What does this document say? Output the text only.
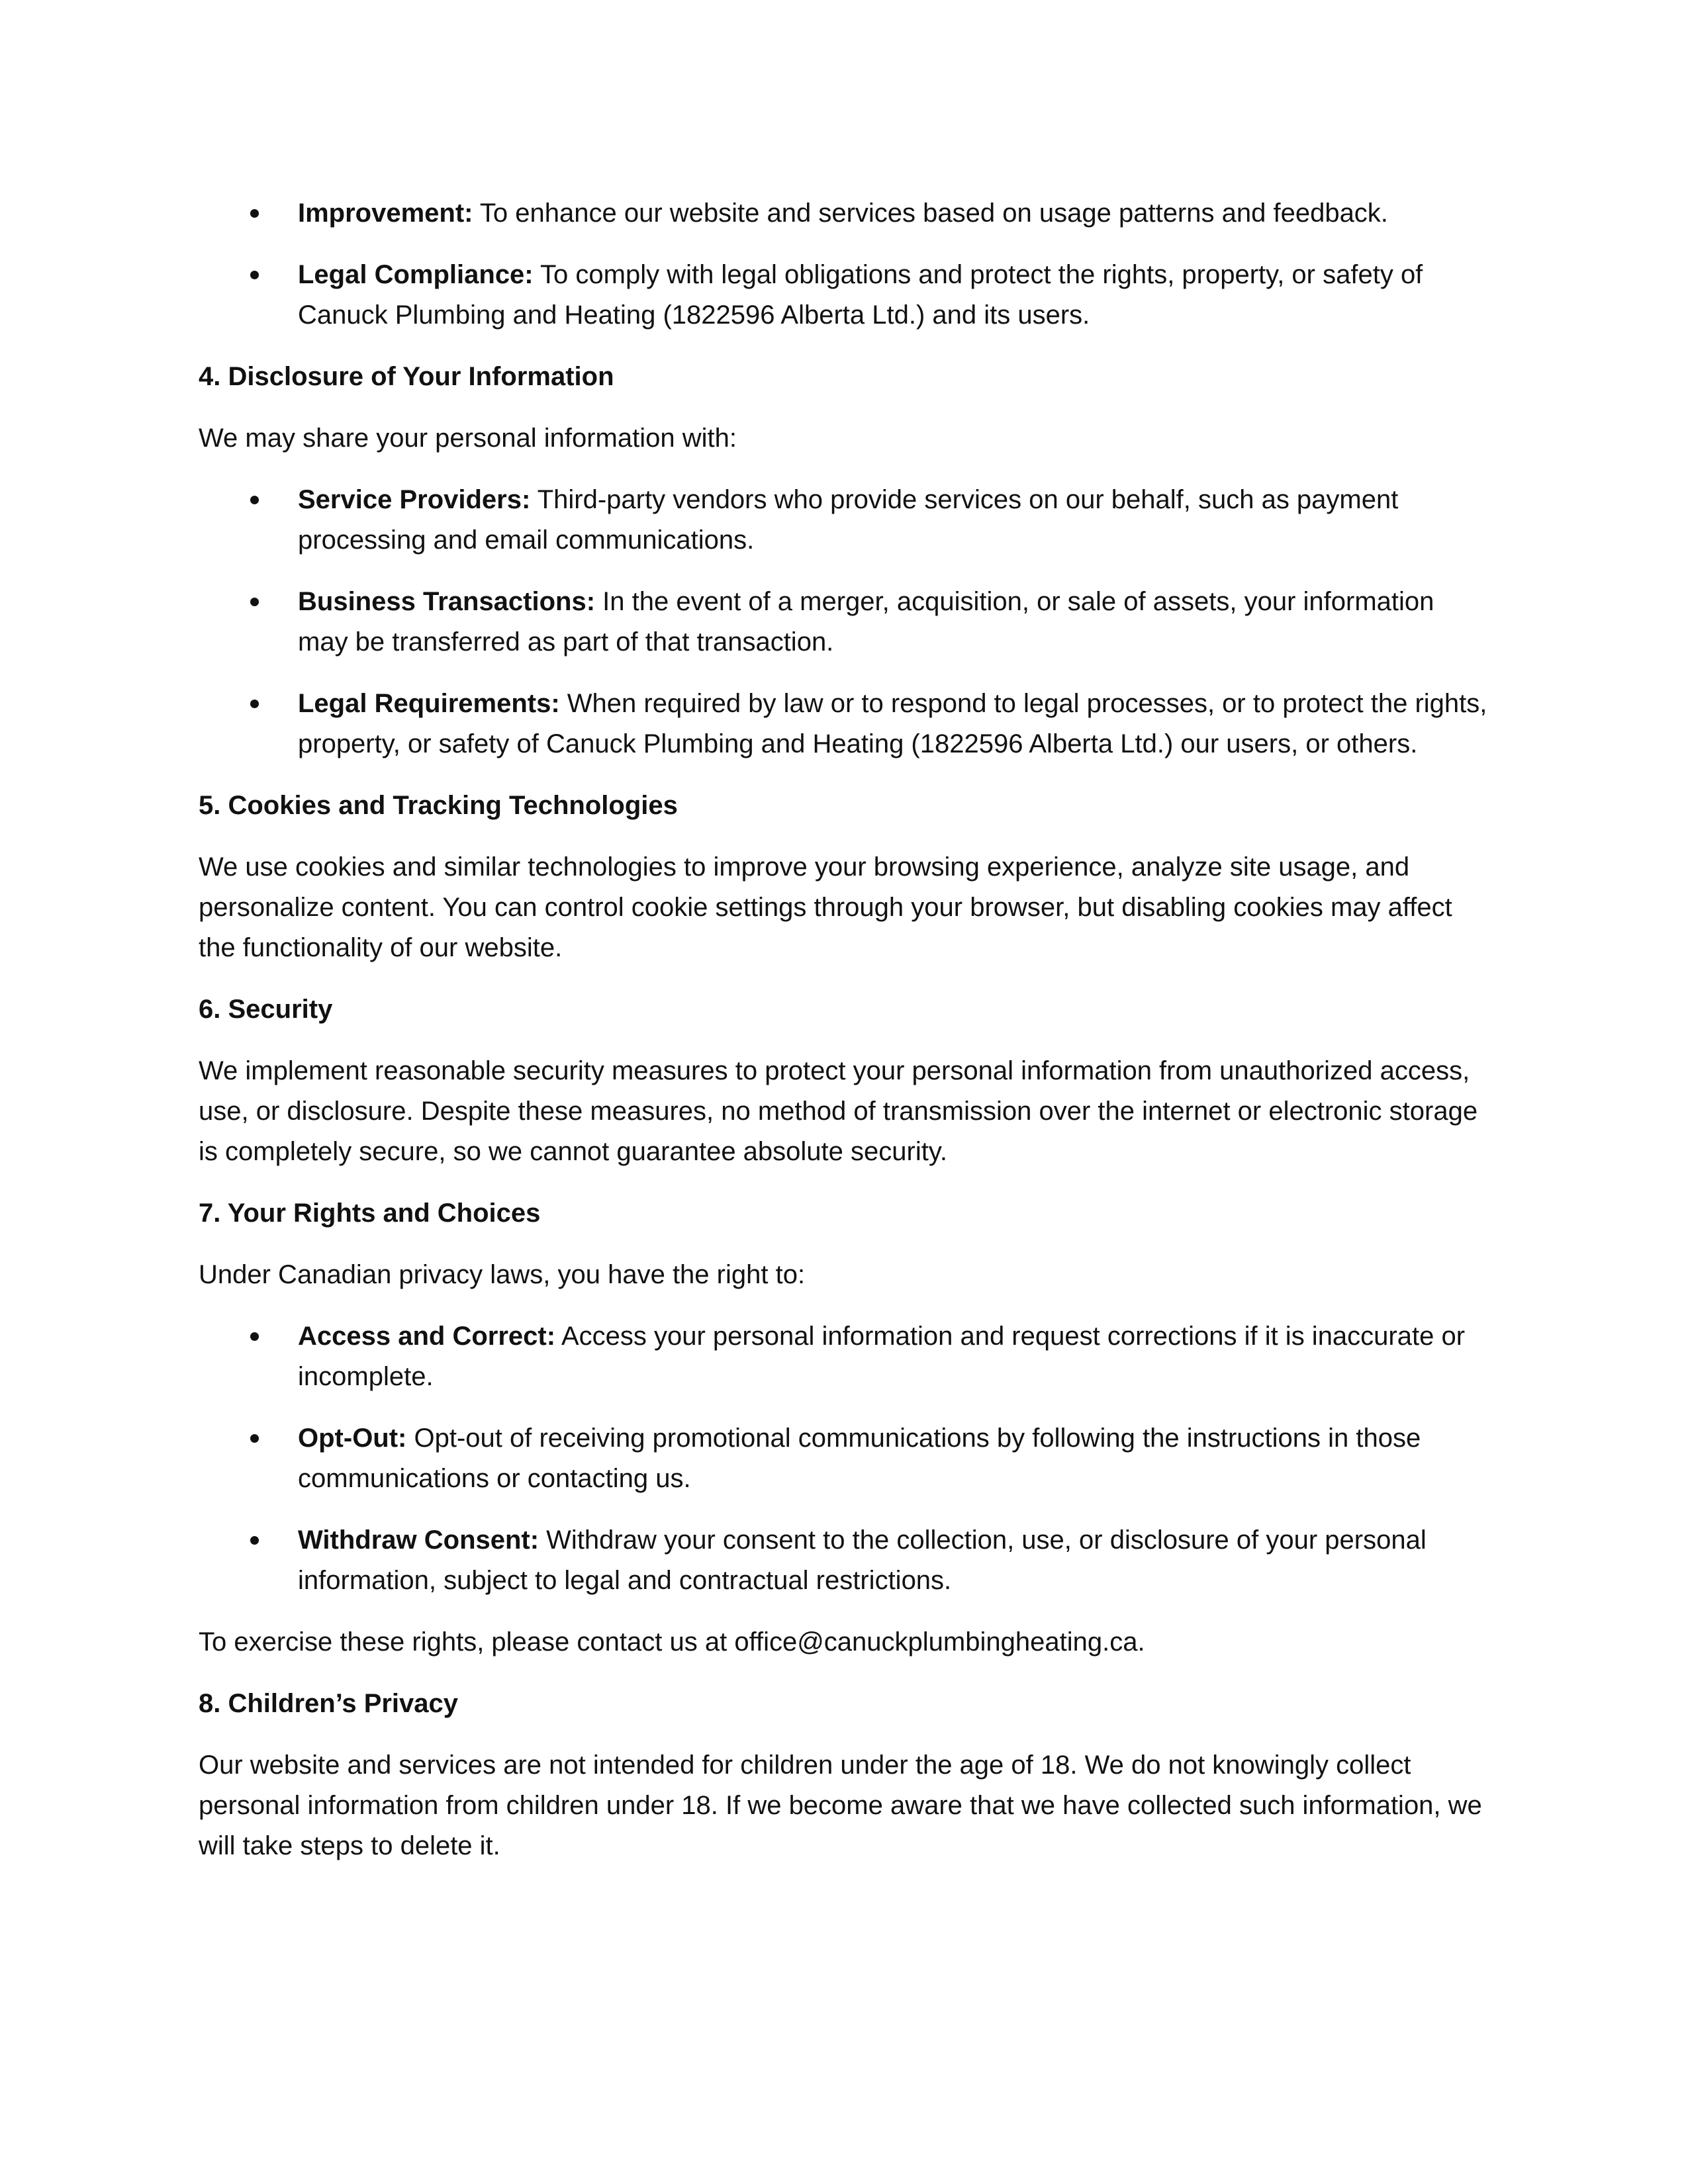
Improvement: To enhance our website and services based on usage patterns and feedback.
Legal Compliance: To comply with legal obligations and protect the rights, property, or safety of Canuck Plumbing and Heating (1822596 Alberta Ltd.) and its users.
4. Disclosure of Your Information

We may share your personal information with:

Service Providers: Third-party vendors who provide services on our behalf, such as payment processing and email communications.
Business Transactions: In the event of a merger, acquisition, or sale of assets, your information may be transferred as part of that transaction.
Legal Requirements: When required by law or to respond to legal processes, or to protect the rights, property, or safety of Canuck Plumbing and Heating (1822596 Alberta Ltd.) our users, or others.
5. Cookies and Tracking Technologies

We use cookies and similar technologies to improve your browsing experience, analyze site usage, and personalize content. You can control cookie settings through your browser, but disabling cookies may affect the functionality of our website.

6. Security

We implement reasonable security measures to protect your personal information from unauthorized access, use, or disclosure. Despite these measures, no method of transmission over the internet or electronic storage is completely secure, so we cannot guarantee absolute security.

7. Your Rights and Choices

Under Canadian privacy laws, you have the right to:

Access and Correct: Access your personal information and request corrections if it is inaccurate or incomplete.
Opt-Out: Opt-out of receiving promotional communications by following the instructions in those communications or contacting us.
Withdraw Consent: Withdraw your consent to the collection, use, or disclosure of your personal information, subject to legal and contractual restrictions.

To exercise these rights, please contact us at office@canuckplumbingheating.ca.

8. Children’s Privacy

Our website and services are not intended for children under the age of 18. We do not knowingly collect personal information from children under 18. If we become aware that we have collected such information, we will take steps to delete it.
